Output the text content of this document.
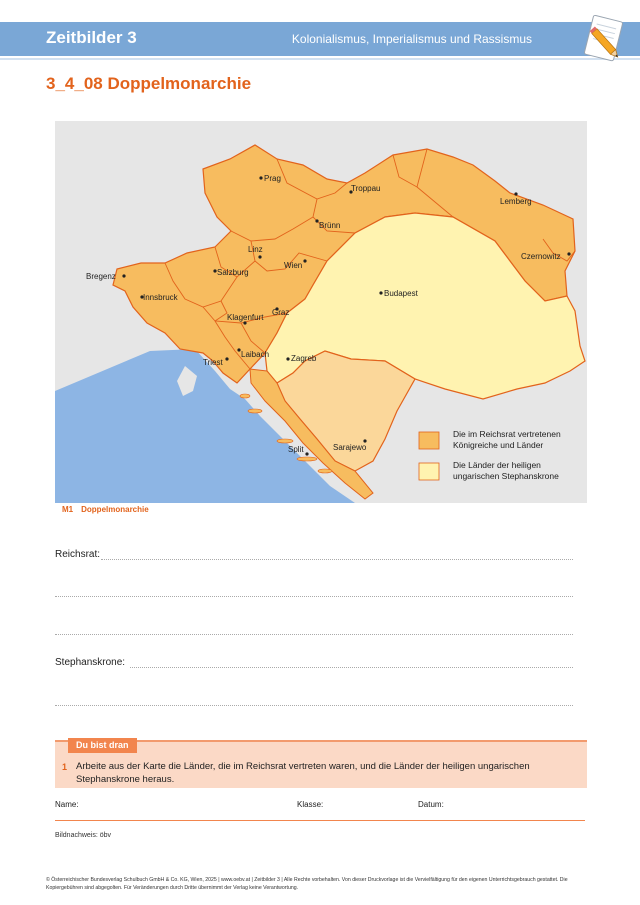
Zeitbilder 3	Kolonialismus, Imperialismus und Rassismus
3_4_08 Doppelmonarchie
Prag
Troppau
Lemberg
Brünn
Czernowitz
Bregenz
Linz
Wien
Salzburg
Innsbruck	Budapest
Graz
Klagenfurt
Triest
Laibach	Zagreb
Split	Sarajewo
Die im Reichsrat vertretenen Königreiche und Länder
Die Länder der heiligen ungarischen Stephanskrone
M1 Doppelmonarchie
Reichsrat:
Stephanskrone:
Du bist dran
1 Arbeite aus der Karte die Länder, die im Reichsrat vertreten waren, und die Länder der heiligen ungarischen Stephanskrone heraus.
Name:	Klasse:	Datum:
Bildnachweis: öbv
© Österreichischer Bundesverlag Schulbuch GmbH & Co. KG, Wien, 2025 | www.oebv.at | Zeitbilder 3 | Alle Rechte vorbehalten. Von dieser Druckvorlage ist die Vervielfältigung für den eigenen Unterrichtsgebrauch gestattet. Die Kopiergebühren sind abgegolten. Für Veränderungen durch Dritte übernimmt der Verlag keine Verantwortung.
